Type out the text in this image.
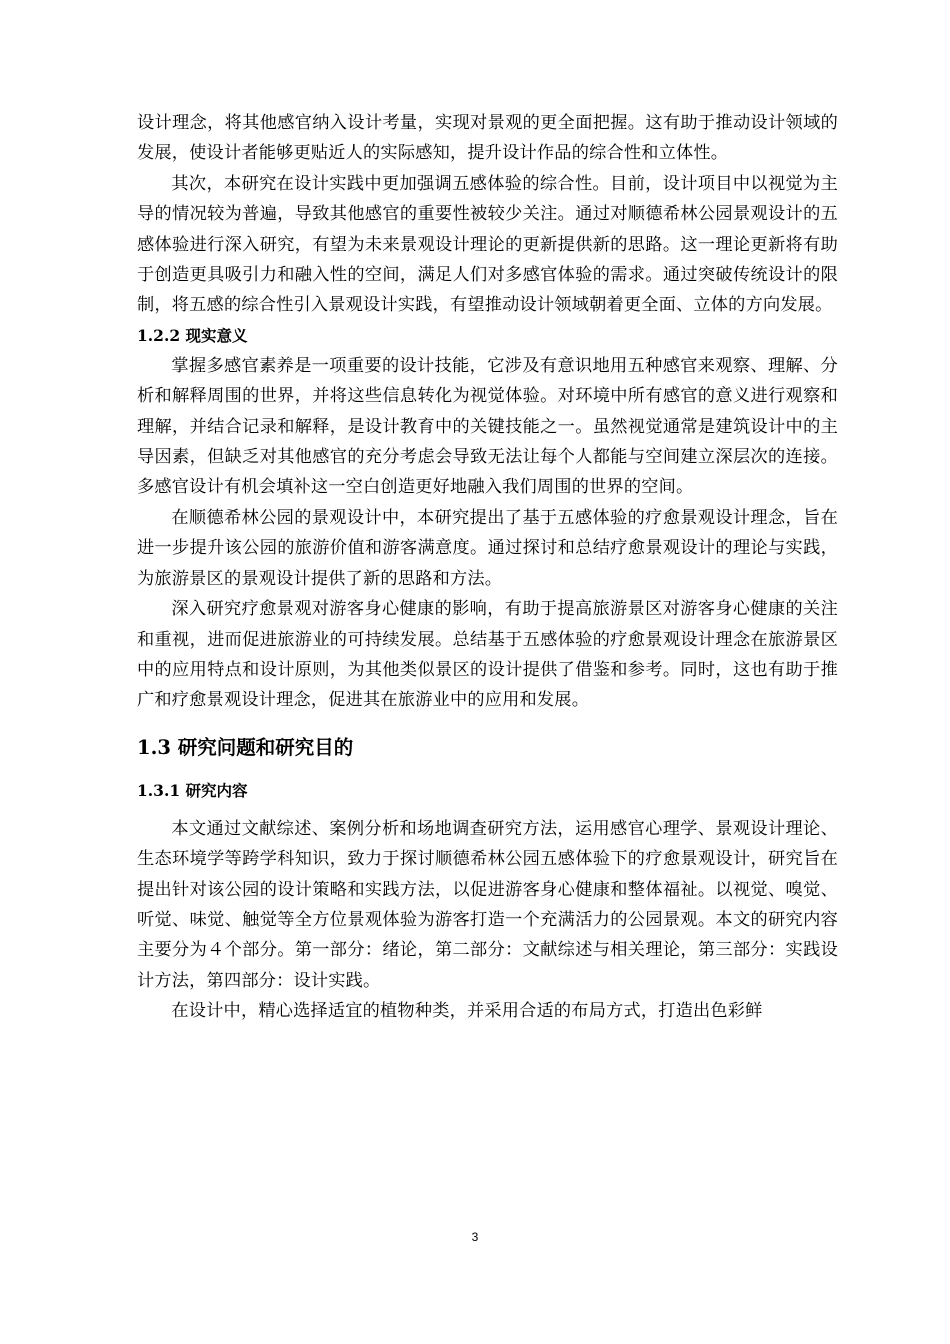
设计理念，将其他感官纳入设计考量，实现对景观的更全面把握。这有助于推动设计领域的发展，使设计者能够更贴近人的实际感知，提升设计作品的综合性和立体性。

其次，本研究在设计实践中更加强调五感体验的综合性。目前，设计项目中以视觉为主导的情况较为普遍，导致其他感官的重要性被较少关注。通过对顺德希林公园景观设计的五感体验进行深入研究，有望为未来景观设计理论的更新提供新的思路。这一理论更新将有助于创造更具吸引力和融入性的空间，满足人们对多感官体验的需求。通过突破传统设计的限制，将五感的综合性引入景观设计实践，有望推动设计领域朝着更全面、立体的方向发展。

1.2.2 现实意义

掌握多感官素养是一项重要的设计技能，它涉及有意识地用五种感官来观察、理解、分析和解释周围的世界，并将这些信息转化为视觉体验。对环境中所有感官的意义进行观察和理解，并结合记录和解释，是设计教育中的关键技能之一。虽然视觉通常是建筑设计中的主导因素，但缺乏对其他感官的充分考虑会导致无法让每个人都能与空间建立深层次的连接。多感官设计有机会填补这一空白创造更好地融入我们周围的世界的空间。

在顺德希林公园的景观设计中，本研究提出了基于五感体验的疗愈景观设计理念，旨在进一步提升该公园的旅游价值和游客满意度。通过探讨和总结疗愈景观设计的理论与实践，为旅游景区的景观设计提供了新的思路和方法。

深入研究疗愈景观对游客身心健康的影响，有助于提高旅游景区对游客身心健康的关注和重视，进而促进旅游业的可持续发展。总结基于五感体验的疗愈景观设计理念在旅游景区中的应用特点和设计原则，为其他类似景区的设计提供了借鉴和参考。同时，这也有助于推广和疗愈景观设计理念，促进其在旅游业中的应用和发展。

1.3 研究问题和研究目的
1.3.1 研究内容

本文通过文献综述、案例分析和场地调查研究方法，运用感官心理学、景观设计理论、生态环境学等跨学科知识，致力于探讨顺德希林公园五感体验下的疗愈景观设计，研究旨在提出针对该公园的设计策略和实践方法，以促进游客身心健康和整体福祉。以视觉、嗅觉、听觉、味觉、触觉等全方位景观体验为游客打造一个充满活力的公园景观。本文的研究内容主要分为４个部分。第一部分：绪论，第二部分：文献综述与相关理论，第三部分：实践设计方法，第四部分：设计实践。

在设计中，精心选择适宜的植物种类，并采用合适的布局方式，打造出色彩鲜

3
